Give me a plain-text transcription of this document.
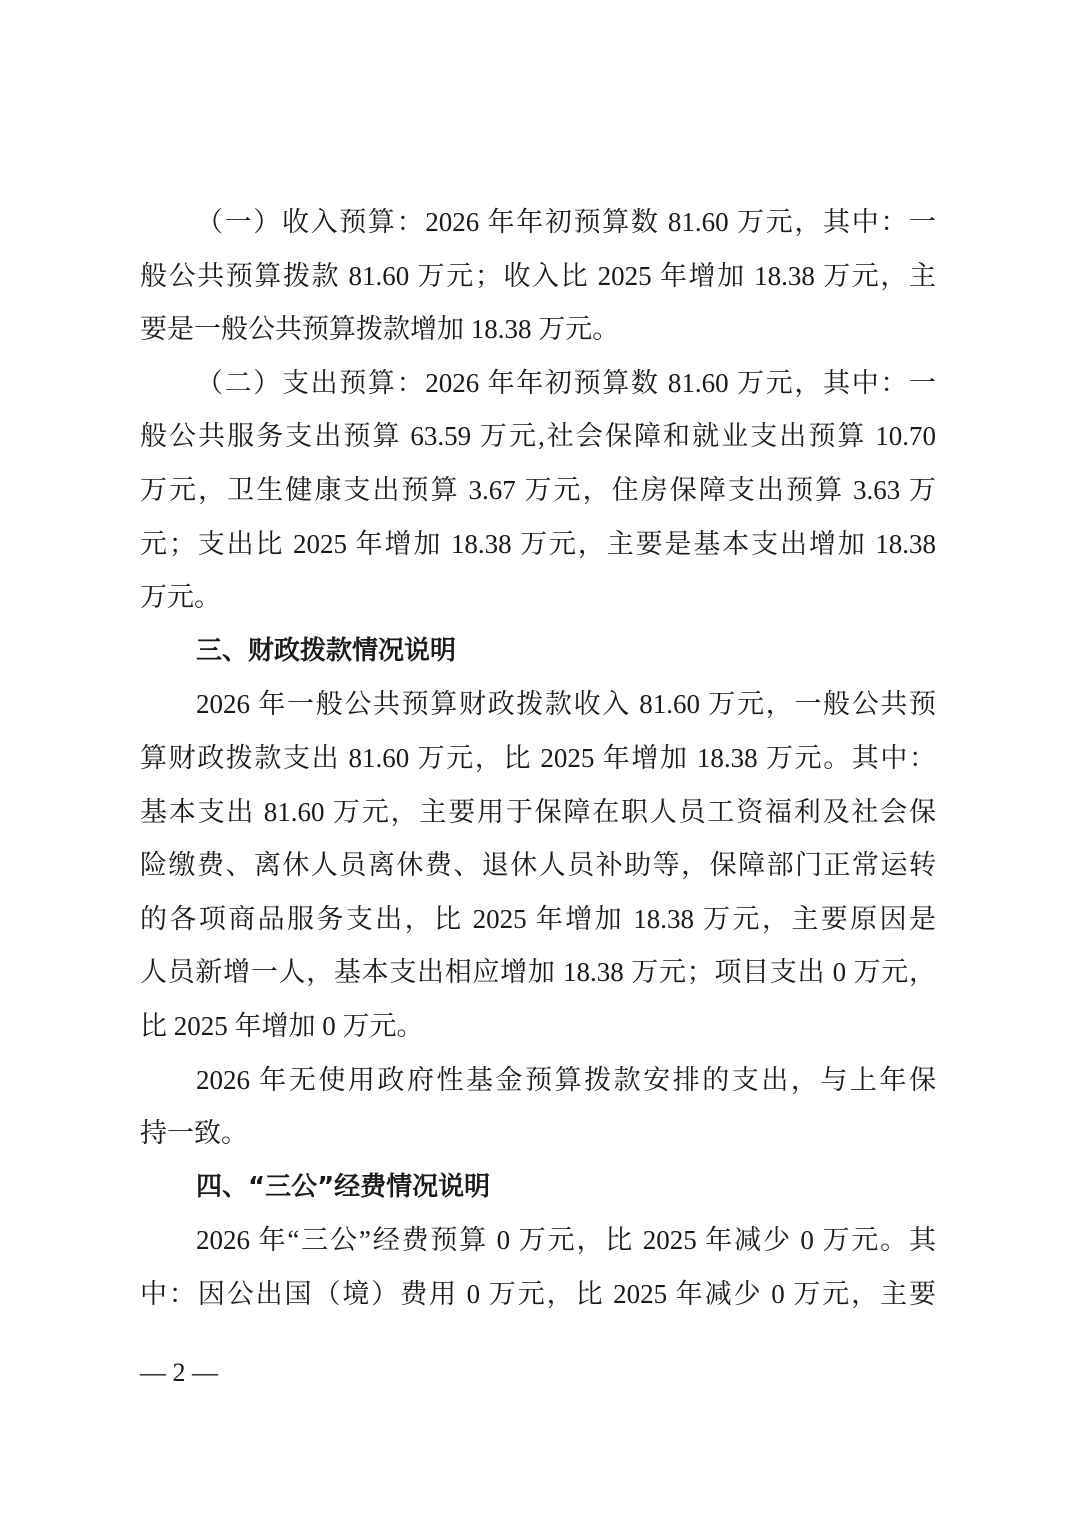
（一）收入预算：2026 年年初预算数 81.60 万元，其中：一
般公共预算拨款 81.60 万元；收入比 2025 年增加 18.38 万元，主
要是一般公共预算拨款增加 18.38 万元。
（二）支出预算：2026 年年初预算数 81.60 万元，其中：一
般公共服务支出预算 63.59 万元,社会保障和就业支出预算 10.70
万元，卫生健康支出预算 3.67 万元，住房保障支出预算 3.63 万
元；支出比 2025 年增加 18.38 万元，主要是基本支出增加 18.38
万元。
三、财政拨款情况说明
2026 年一般公共预算财政拨款收入 81.60 万元，一般公共预
算财政拨款支出 81.60 万元，比 2025 年增加 18.38 万元。其中：
基本支出 81.60 万元，主要用于保障在职人员工资福利及社会保
险缴费、离休人员离休费、退休人员补助等，保障部门正常运转
的各项商品服务支出，比 2025 年增加 18.38 万元，主要原因是
人员新增一人，基本支出相应增加 18.38 万元；项目支出 0 万元，
比 2025 年增加 0 万元。
2026 年无使用政府性基金预算拨款安排的支出，与上年保
持一致。
四、“三公”经费情况说明
2026 年“三公”经费预算 0 万元，比 2025 年减少 0 万元。其
中：因公出国（境）费用 0 万元，比 2025 年减少 0 万元，主要
— 2 —
